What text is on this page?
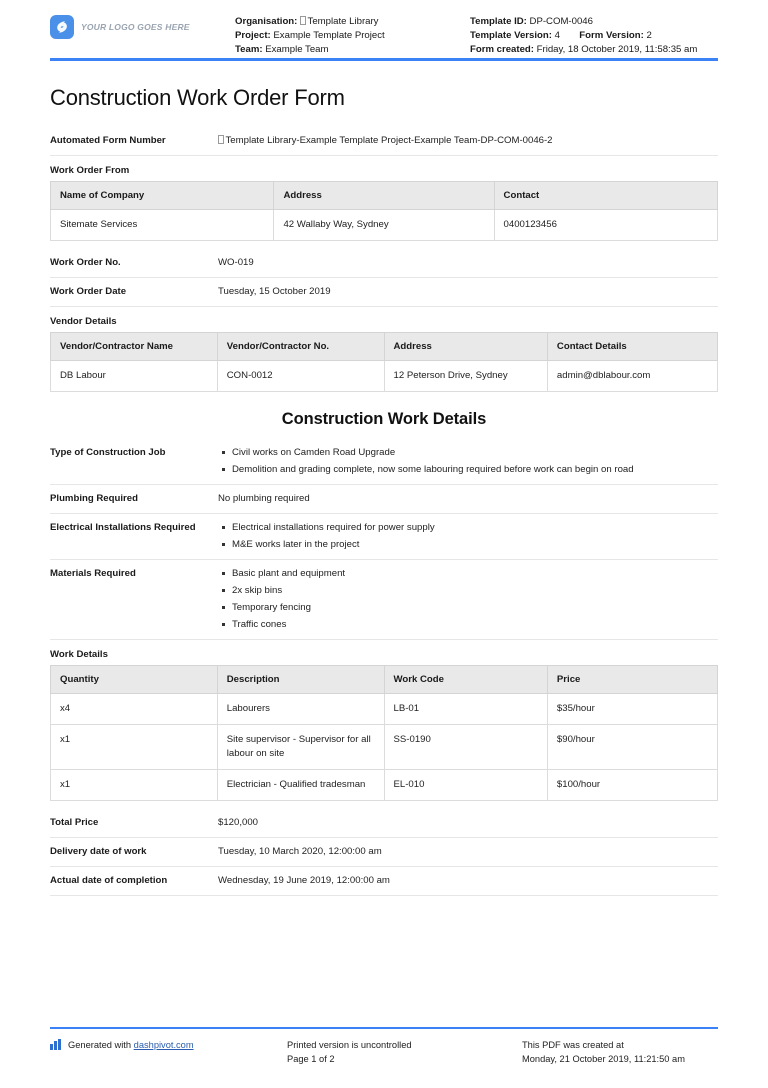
YOUR LOGO GOES HERE	Organisation: Template Library
Project: Example Template Project
Team: Example Team
Template ID: DP-COM-0046
Template Version: 4 Form Version: 2
Form created: Friday, 18 October 2019, 11:58:35 am
Construction Work Order Form
Automated Form Number	Template Library-Example Template Project-Example Team-DP-COM-0046-2
Work Order From
Name of Company	Address	Contact
Sitemate Services	42 Wallaby Way, Sydney	0400123456
Work Order No.	WO-019
Work Order Date	Tuesday, 15 October 2019
Vendor Details
Vendor/Contractor Name	Vendor/Contractor No.	Address	Contact Details
DB Labour	CON-0012	12 Peterson Drive, Sydney	admin@dblabour.com
Construction Work Details
Type of Construction Job	Civil works on Camden Road Upgrade
Demolition and grading complete, now some labouring required before work can begin on road
Plumbing Required	No plumbing required
Electrical Installations Required	Electrical installations required for power supply
M&E works later in the project
Materials Required	Basic plant and equipment
2x skip bins
Temporary fencing
Traffic cones
Work Details
Quantity	Description	Work Code	Price
x4	Labourers	LB-01	$35/hour
x1	Site supervisor - Supervisor for all labour on site	SS-0190	$90/hour
x1	Electrician - Qualified tradesman	EL-010	$100/hour
Total Price	$120,000
Delivery date of work	Tuesday, 10 March 2020, 12:00:00 am
Actual date of completion	Wednesday, 19 June 2019, 12:00:00 am
Generated with dashpivot.com	Printed version is uncontrolled
Page 1 of 2
This PDF was created at
Monday, 21 October 2019, 11:21:50 am
